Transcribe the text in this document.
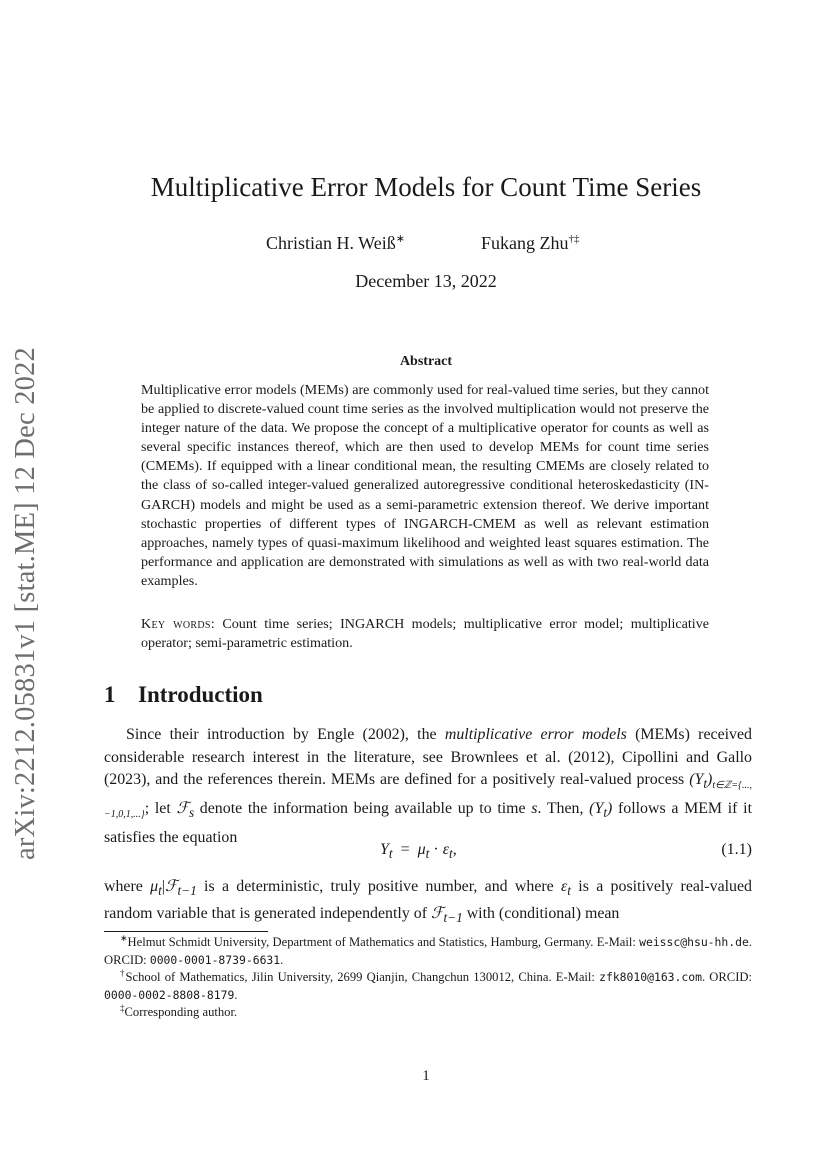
arXiv:2212.05831v1 [stat.ME] 12 Dec 2022
Multiplicative Error Models for Count Time Series
Christian H. Weiß∗	Fukang Zhu†‡
December 13, 2022
Abstract
Multiplicative error models (MEMs) are commonly used for real-valued time series, but they cannot be applied to discrete-valued count time series as the involved multiplication would not preserve the integer nature of the data. We propose the concept of a multiplicative operator for counts as well as several specific instances thereof, which are then used to develop MEMs for count time series (CMEMs). If equipped with a linear conditional mean, the resulting CMEMs are closely related to the class of so-called integer-valued generalized autoregressive conditional heteroskedasticity (INGARCH) models and might be used as a semi-parametric extension thereof. We derive important stochastic properties of different types of INGARCH-CMEM as well as relevant estimation approaches, namely types of quasi-maximum likelihood and weighted least squares estimation. The performance and application are demonstrated with simulations as well as with two real-world data examples.
Key words: Count time series; INGARCH models; multiplicative error model; multiplicative operator; semi-parametric estimation.
1 Introduction
Since their introduction by Engle (2002), the multiplicative error models (MEMs) received considerable research interest in the literature, see Brownlees et al. (2012), Cipollini and Gallo (2023), and the references therein. MEMs are defined for a positively real-valued process $(Y_t)_{t\in ℤ=\{...,-1,0,1,...\}}$; let ℱ$_s$ denote the information being available up to time s. Then, $(Y_t)$ follows a MEM if it satisfies the equation
$Y_t = \mu_t \cdot \varepsilon_t$,	(1.1)
where $\mu_t|ℱ_{t-1}$ is a deterministic, truly positive number, and where $\varepsilon_t$ is a positively real-valued random variable that is generated independently of ℱ$_{t-1}$ with (conditional) mean
∗Helmut Schmidt University, Department of Mathematics and Statistics, Hamburg, Germany. E-Mail: weissc@hsu-hh.de. ORCID: 0000-0001-8739-6631.
†School of Mathematics, Jilin University, 2699 Qianjin, Changchun 130012, China. E-Mail: zfk8010@163.com. ORCID: 0000-0002-8808-8179.
‡Corresponding author.
1
